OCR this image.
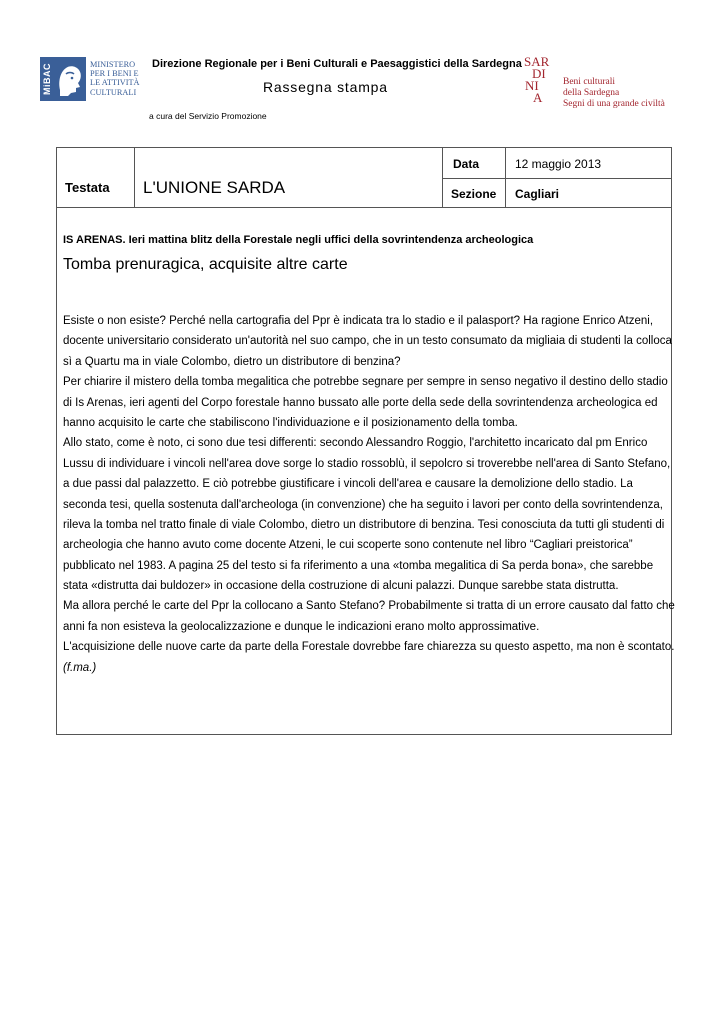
MiBAC	MINISTERO
PER I BENI E
LE ATTIVITÀ
CULTURALI
Direzione Regionale per i Beni Culturali e Paesaggistici della Sardegna
Rassegna stampa
a cura del Servizio Promozione
SAR
DI
NI
A
Beni culturali
della Sardegna
Segni di una grande civiltà
Testata L'UNIONE SARDA
Data	12 maggio 2013
Sezione Cagliari
IS ARENAS. Ieri mattina blitz della Forestale negli uffici della sovrintendenza archeologica
Tomba prenuragica, acquisite altre carte
Esiste o non esiste? Perché nella cartografia del Ppr è indicata tra lo stadio e il palasport? Ha ragione Enrico Atzeni,
docente universitario considerato un'autorità nel suo campo, che in un testo consumato da migliaia di studenti la colloca
sì a Quartu ma in viale Colombo, dietro un distributore di benzina?
Per chiarire il mistero della tomba megalitica che potrebbe segnare per sempre in senso negativo il destino dello stadio
di Is Arenas, ieri agenti del Corpo forestale hanno bussato alle porte della sede della sovrintendenza archeologica ed
hanno acquisito le carte che stabiliscono l'individuazione e il posizionamento della tomba.
Allo stato, come è noto, ci sono due tesi differenti: secondo Alessandro Roggio, l'architetto incaricato dal pm Enrico
Lussu di individuare i vincoli nell'area dove sorge lo stadio rossoblù, il sepolcro si troverebbe nell'area di Santo Stefano,
a due passi dal palazzetto. E ciò potrebbe giustificare i vincoli dell'area e causare la demolizione dello stadio. La
seconda tesi, quella sostenuta dall'archeologa (in convenzione) che ha seguito i lavori per conto della sovrintendenza,
rileva la tomba nel tratto finale di viale Colombo, dietro un distributore di benzina. Tesi conosciuta da tutti gli studenti di
archeologia che hanno avuto come docente Atzeni, le cui scoperte sono contenute nel libro “Cagliari preistorica”
pubblicato nel 1983. A pagina 25 del testo si fa riferimento a una «tomba megalitica di Sa perda bona», che sarebbe
stata «distrutta dai buldozer» in occasione della costruzione di alcuni palazzi. Dunque sarebbe stata distrutta.
Ma allora perché le carte del Ppr la collocano a Santo Stefano? Probabilmente si tratta di un errore causato dal fatto che
anni fa non esisteva la geolocalizzazione e dunque le indicazioni erano molto approssimative.
L'acquisizione delle nuove carte da parte della Forestale dovrebbe fare chiarezza su questo aspetto, ma non è scontato.
(f.ma.)
